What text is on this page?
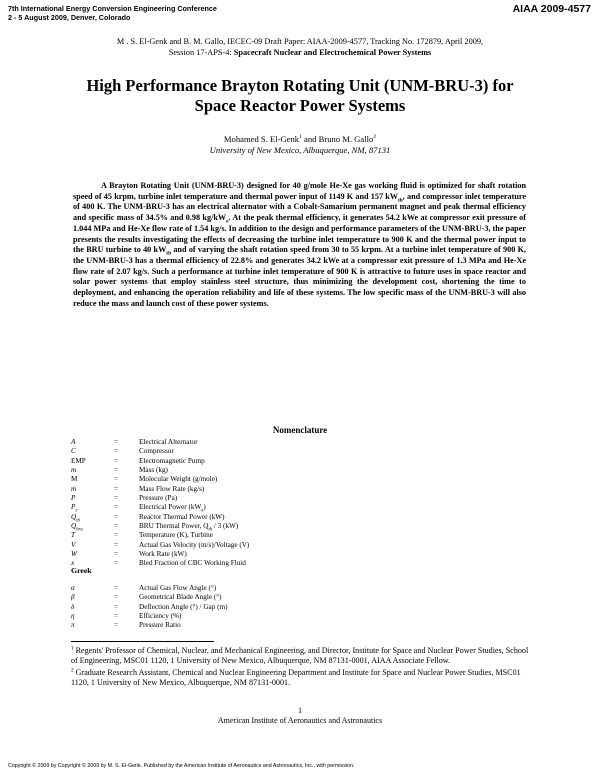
7th International Energy Conversion Engineering Conference
2 - 5 August 2009, Denver, Colorado
AIAA 2009-4577
M . S. El-Genk and B. M. Gallo, IECEC-09 Draft Paper: AIAA-2009-4577, Tracking No. 172879, April 2009,
Session 17-APS-4: Spacecraft Nuclear and Electrochemical Power Systems
High Performance Brayton Rotating Unit (UNM-BRU-3) for
Space Reactor Power Systems
Mohamed S. El-Genk$^1$ and Bruno M. Gallo$^2$
University of New Mexico, Albuquerque, NM, 87131

A Brayton Rotating Unit (UNM-BRU-3) designed for 40 g/mole He-Xe gas working fluid is optimized for shaft rotation speed of 45 krpm, turbine inlet temperature and thermal power input of 1149 K and 157 $kW_{th}$, and compressor inlet temperature of 400 K. The UNM-BRU-3 has an electrical alternator with a Cobalt-Samarium permanent magnet and peak thermal efficiency and specific mass of 34.5% and 0.98 $kg/kW_e$. At the peak thermal efficiency, it generates 54.2 kWe at compressor exit pressure of 1.044 MPa and He-Xe flow rate of 1.54 kg/s. In addition to the design and performance parameters of the UNM-BRU-3, the paper presents the results investigating the effects of decreasing the turbine inlet temperature to 900 K and the thermal power input to the BRU turbine to 40 $kW_{th}$ and of varying the shaft rotation speed from 30 to 55 krpm. At a turbine inlet temperature of 900 K, the UNM-BRU-3 has a thermal efficiency of 22.8% and generates 34.2 kWe at a compressor exit pressure of 1.3 MPa and He-Xe flow rate of 2.07 kg/s. Such a performance at turbine inlet temperature of 900 K is attractive to future uses in space reactor and solar power systems that employ stainless steel structure, thus minimizing the development cost, shortening the time to deployment, and enhancing the operation reliability and life of these systems. The low specific mass of the UNM-BRU-3 will also reduce the mass and launch cost of these power systems.

Nomenclature
A	=	Electrical Alternator
C	=	Compressor
EMP	=	Electromagnetic Pump
m	=	Mass (kg)
M	=	Molecular Weight (g/mole)
ṁ	=	Mass Flow Rate (kg/s)
P	=	Pressure (Pa)
$P_e$	=	Electrical Power $(kW_e)$
$Q_{th}$	=	Reactor Thermal Power (kW)
$Q_{bru}$	=	BRU Thermal Power, $Q_{th} / 3$ (kW)
T	=	Temperature (K), Turbine
V	=	Actual Gas Velocity (m/s)/Voltage (V)
W	=	Work Rate (kW)
x	=	Bled Fraction of CBC Working Fluid
Greek
α	=	Actual Gas Flow Angle (°)
β	=	Geometrical Blade Angle (°)
δ	=	Deflection Angle (°) / Gap (m)
η	=	Efficiency (%)
π	=	Pressure Ratio

$^1$ Regents' Professor of Chemical, Nuclear, and Mechanical Engineering, and Director, Institute for Space and Nuclear Power Studies, School of Engineering, MSC01 1120, 1 University of New Mexico, Albuquerque, NM 87131-0001, AIAA Associate Fellow.

$^2$ Graduate Research Assistant, Chemical and Nuclear Engineering Department and Institute for Space and Nuclear Power Studies, MSC01 1120, 1 University of New Mexico, Albuquerque, NM 87131-0001.

1
American Institute of Aeronautics and Astronautics
Copyright © 2009 by Copyright © 2009 by M. S. El-Genk. Published by the American Institute of Aeronautics and Astronautics, Inc., with permission.
